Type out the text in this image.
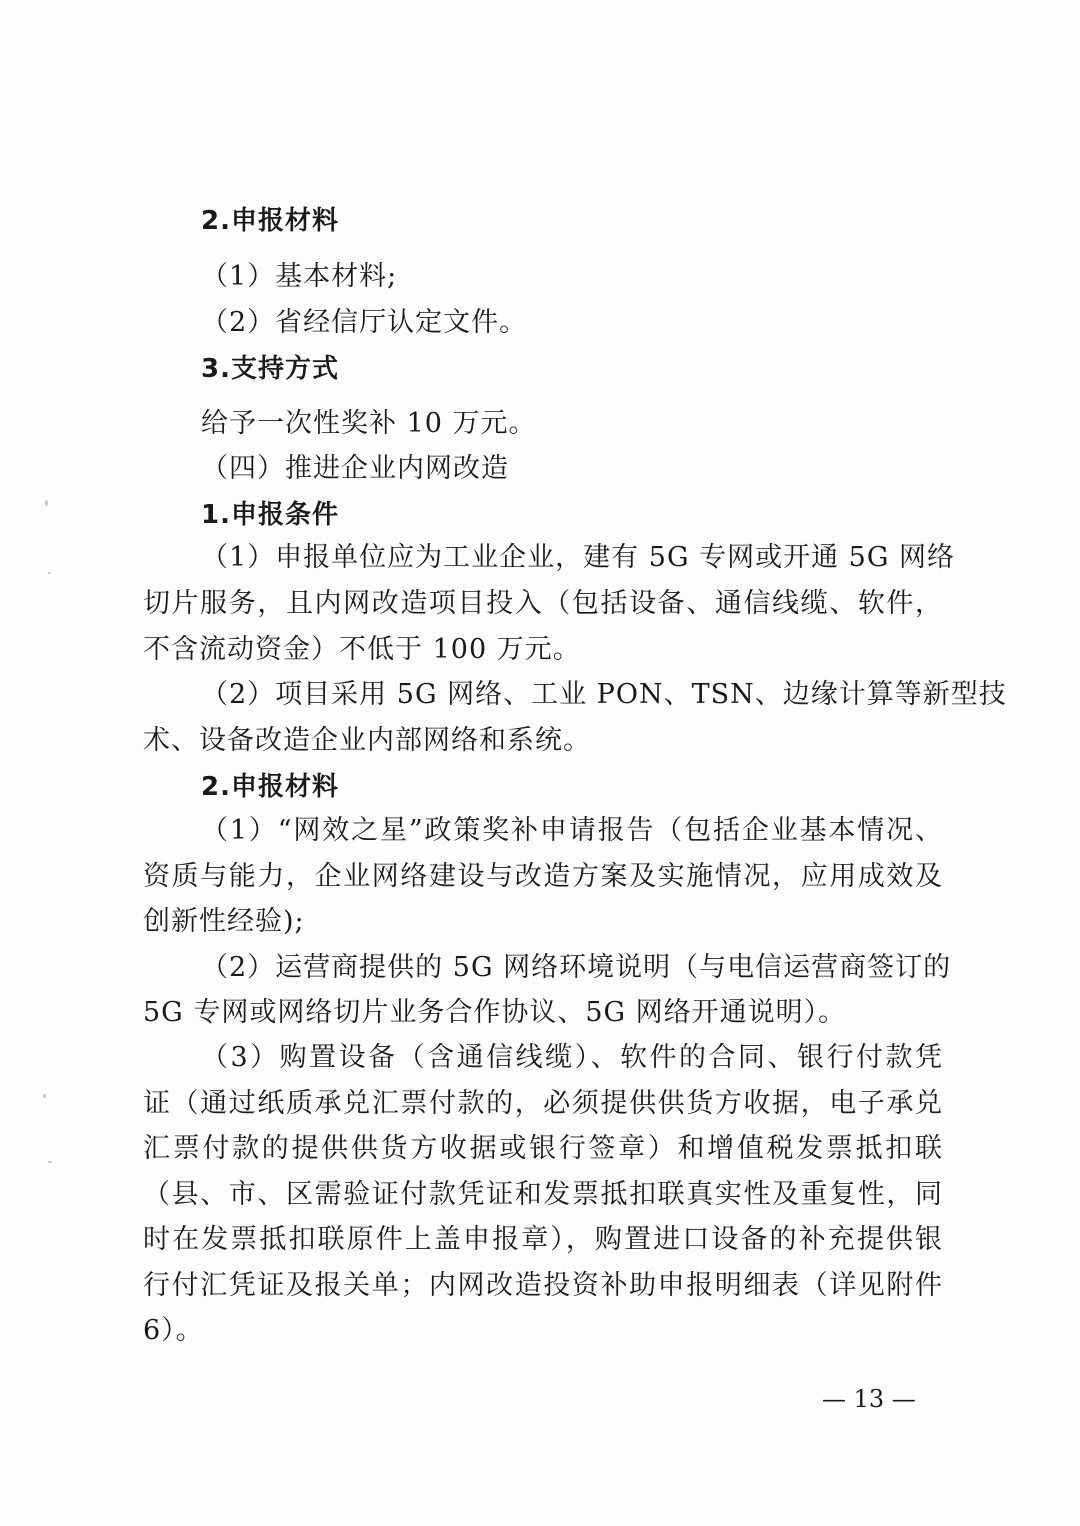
2.申报材料
（1）基本材料;
（2）省经信厅认定文件。
3.支持方式
给予一次性奖补 10 万元。
（四）推进企业内网改造
1.申报条件
（1）申报单位应为工业企业，建有 5G 专网或开通 5G 网络
切片服务，且内网改造项目投入（包括设备、通信线缆、软件，
不含流动资金）不低于 100 万元。
（2）项目采用 5G 网络、工业 PON、TSN、边缘计算等新型技
术、设备改造企业内部网络和系统。
2.申报材料
（1）“网效之星”政策奖补申请报告（包括企业基本情况、
资质与能力，企业网络建设与改造方案及实施情况，应用成效及
创新性经验);
（2）运营商提供的 5G 网络环境说明（与电信运营商签订的
5G 专网或网络切片业务合作协议、5G 网络开通说明）。
（3）购置设备（含通信线缆）、软件的合同、银行付款凭
证（通过纸质承兑汇票付款的，必须提供供货方收据，电子承兑
汇票付款的提供供货方收据或银行签章）和增值税发票抵扣联
（县、市、区需验证付款凭证和发票抵扣联真实性及重复性，同
时在发票抵扣联原件上盖申报章），购置进口设备的补充提供银
行付汇凭证及报关单；内网改造投资补助申报明细表（详见附件
6）。
— 13 —
